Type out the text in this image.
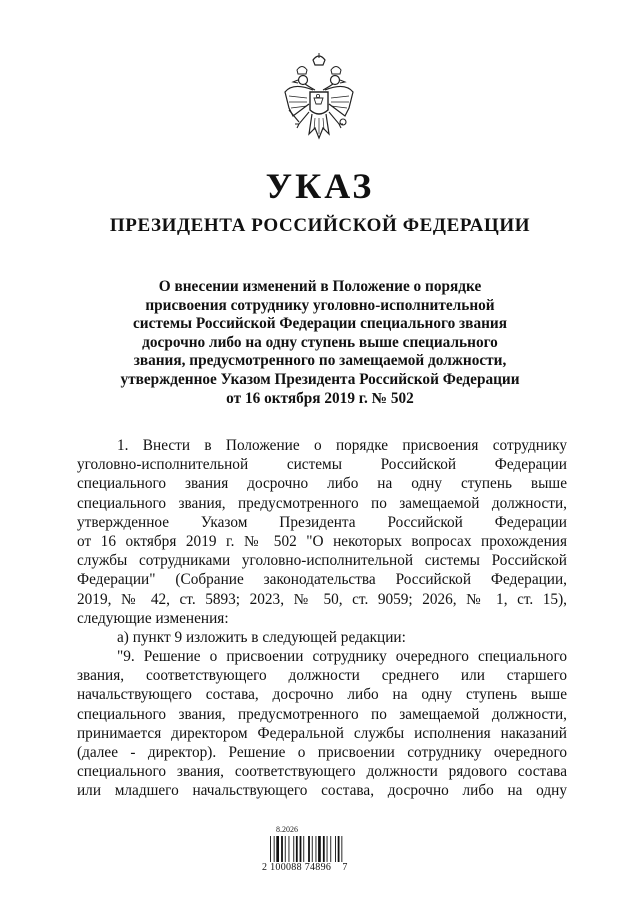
УКАЗ
ПРЕЗИДЕНТА РОССИЙСКОЙ ФЕДЕРАЦИИ
О внесении изменений в Положение о порядке
присвоения сотруднику уголовно-исполнительной
системы Российской Федерации специального звания
досрочно либо на одну ступень выше специального
звания, предусмотренного по замещаемой должности,
утвержденное Указом Президента Российской Федерации
от 16 октября 2019 г. № 502
1. Внести в Положение о порядке присвоения сотруднику
уголовно-исполнительной системы Российской Федерации
специального звания досрочно либо на одну ступень выше
специального звания, предусмотренного по замещаемой должности,
утвержденное Указом Президента Российской Федерации
от 16 октября 2019 г. № 502 "О некоторых вопросах прохождения
службы сотрудниками уголовно-исполнительной системы Российской
Федерации" (Собрание законодательства Российской Федерации,
2019, № 42, ст. 5893; 2023, № 50, ст. 9059; 2026, № 1, ст. 15),
следующие изменения:
а) пункт 9 изложить в следующей редакции:
"9. Решение о присвоении сотруднику очередного специального
звания, соответствующего должности среднего или старшего
начальствующего состава, досрочно либо на одну ступень выше
специального звания, предусмотренного по замещаемой должности,
принимается директором Федеральной службы исполнения наказаний
(далее - директор). Решение о присвоении сотруднику очередного
специального звания, соответствующего должности рядового состава
или младшего начальствующего состава, досрочно либо на одну
8.2026
2 100088 74896    7
